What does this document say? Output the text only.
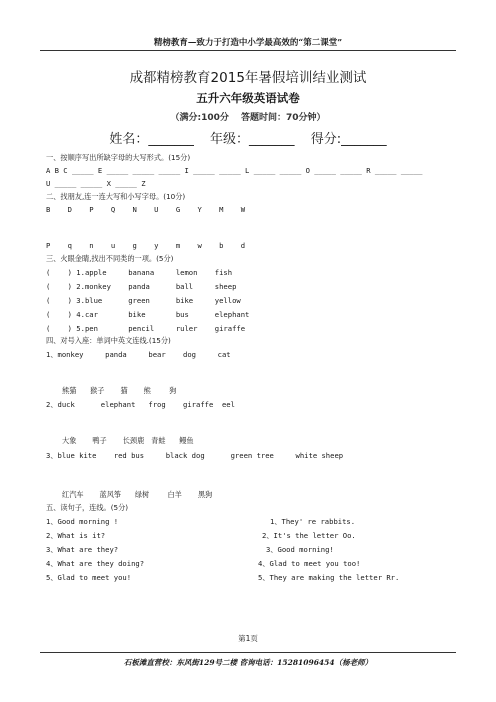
精榜教育—致力于打造中小学最高效的“第二课堂”
成都精榜教育2015年暑假培训结业测试
五升六年级英语试卷
（满分:100分　 答题时间：70分钟）
姓名：_______ 年级：_______ 得分:_______
一、按顺序写出所缺字母的大写形式。(15分)
A B C _____ E _____ _____ _____ I _____ _____ L _____ _____ O _____ _____ R _____ _____
U _____ _____ X _____ Z
二、找朋友,连一连大写和小写字母。(10分)
B    D    P    Q    N    U    G    Y    M    W
P    q    n    u    g    y    m    w    b    d
三、火眼金睛,找出不同类的一项。(5分)
(    ) 1.apple     banana     lemon    fish
(    ) 2.monkey    panda      ball     sheep
(    ) 3.blue      green      bike     yellow
(    ) 4.car       bike       bus      elephant
(    ) 5.pen       pencil     ruler    giraffe
四、对号入座：单词中英文连线.(15分)
1、monkey     panda     bear    dog     cat
熊猫      猴子       猫       熊        狗
2、duck      elephant   frog    giraffe  eel
大象       鸭子       长颈鹿   青蛙      鳗鱼
3、blue kite    red bus     black dog      green tree     white sheep
红汽车       蓝风筝      绿树        白羊       黑狗
五、读句子，连线。(5分)
1、Good morning !
2、What is it?
3、What are they?
4、What are they doing?
5、Glad to meet you!
1、They' re rabbits.
2、It's the letter Oo.
3、Good morning!
4、Glad to meet you too!
5、They are making the letter Rr.
第1页
石板滩直营校：东风街129号二楼 咨询电话：15281096454（杨老师）
